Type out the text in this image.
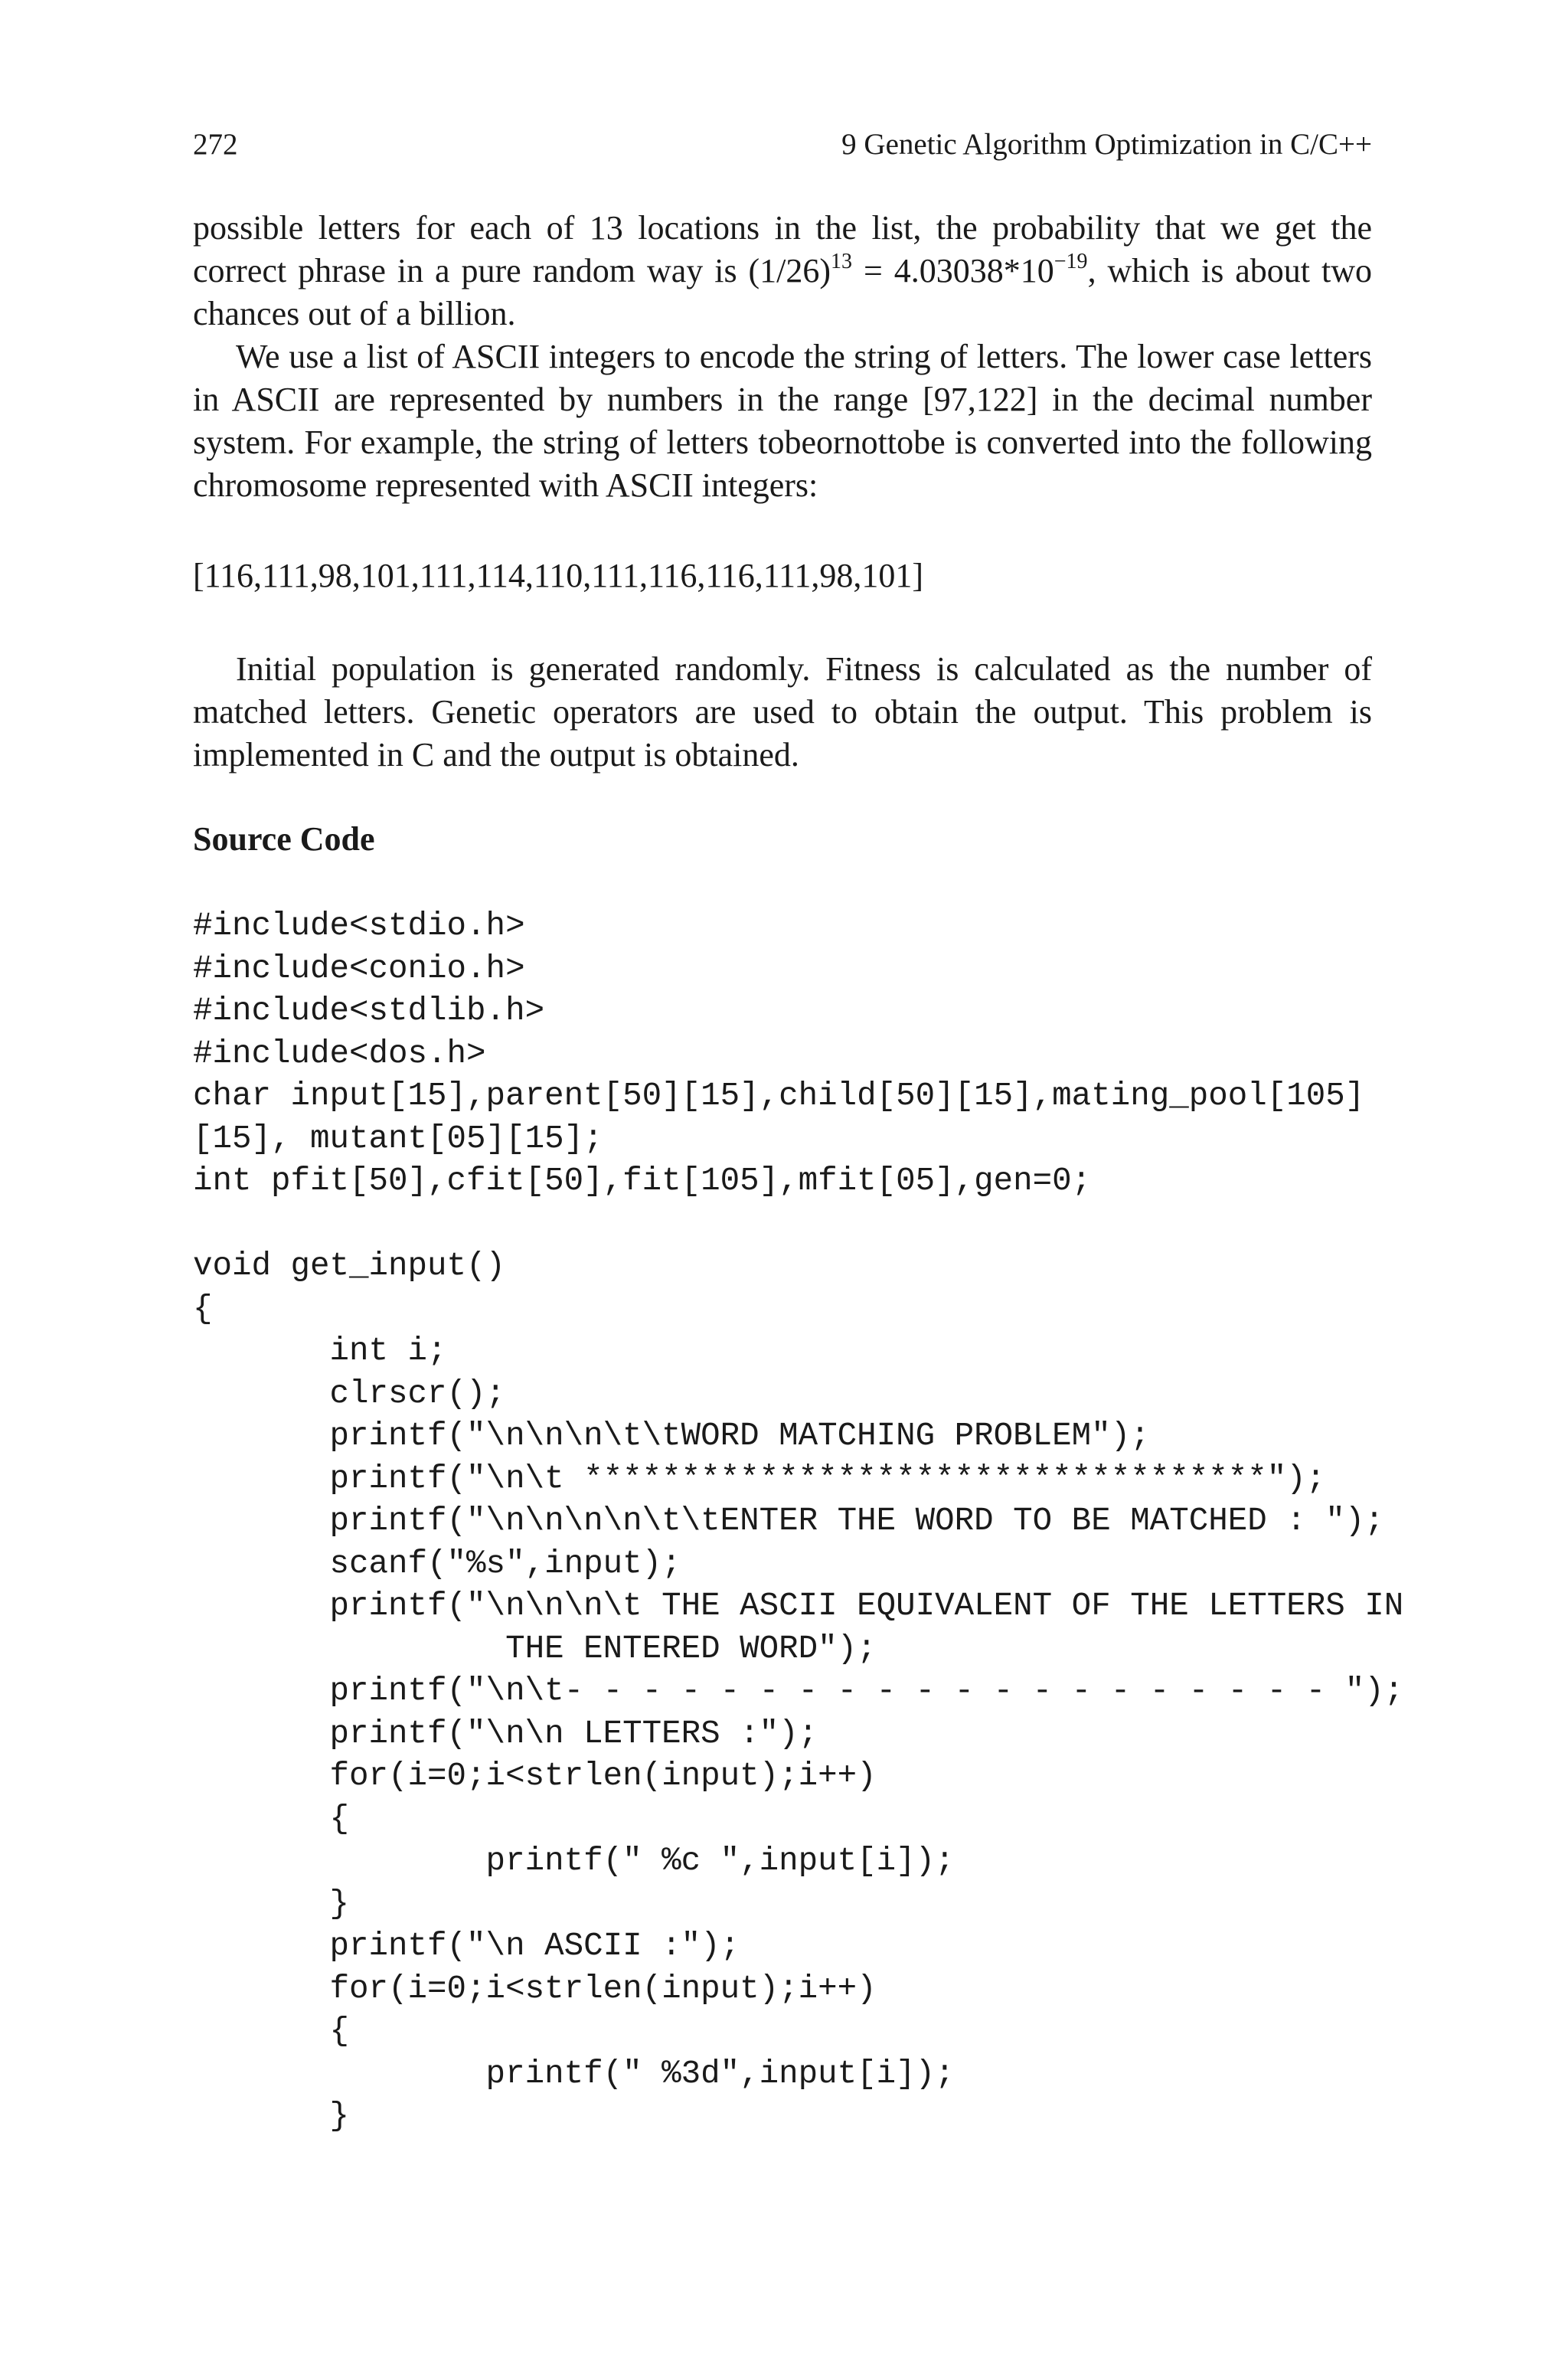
272	9 Genetic Algorithm Optimization in C/C++
possible letters for each of 13 locations in the list, the probability that we get the correct phrase in a pure random way is $(1/26)^{13} = 4.03038*10^{-19}$, which is about two chances out of a billion.
We use a list of ASCII integers to encode the string of letters. The lower case letters in ASCII are represented by numbers in the range [97,122] in the decimal number system. For example, the string of letters tobeornottobe is converted into the following chromosome represented with ASCII integers:
[116,111,98,101,111,114,110,111,116,116,111,98,101]
Initial population is generated randomly. Fitness is calculated as the number of matched letters. Genetic operators are used to obtain the output. This problem is implemented in C and the output is obtained.
Source Code
#include<stdio.h>
#include<conio.h>
#include<stdlib.h>
#include<dos.h>
char input[15],parent[50][15],child[50][15],mating_pool[105]
[15], mutant[05][15];
int pfit[50],cfit[50],fit[105],mfit[05],gen=0;

void get_input()
{
int i;
clrscr();
printf("\n\n\n\t\tWORD MATCHING PROBLEM");
printf("\n\t ***********************************");
printf("\n\n\n\n\t\tENTER THE WORD TO BE MATCHED : ");
scanf("%s",input);
printf("\n\n\n\t THE ASCII EQUIVALENT OF THE LETTERS IN
THE ENTERED WORD");
printf("\n\t- - - - - - - - - - - - - - - - - - - - ");
printf("\n\n LETTERS :");
for(i=0;i<strlen(input);i++)
{
printf(" %c ",input[i]);
}
printf("\n ASCII :");
for(i=0;i<strlen(input);i++)
{
printf(" %3d",input[i]);
}
